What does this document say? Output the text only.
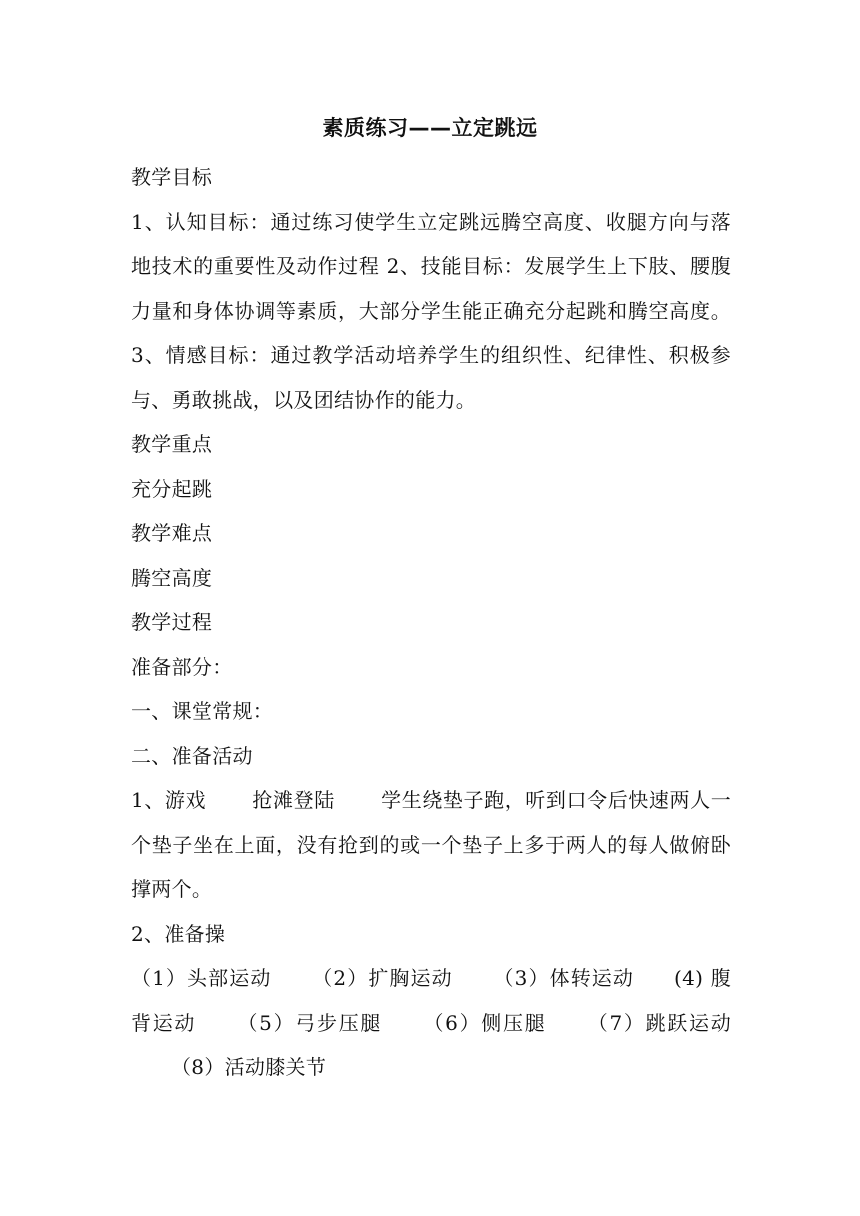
素质练习——立定跳远

教学目标

1、认知目标：通过练习使学生立定跳远腾空高度、收腿方向与落地技术的重要性及动作过程 2、技能目标：发展学生上下肢、腰腹力量和身体协调等素质，大部分学生能正确充分起跳和腾空高度。 3、情感目标：通过教学活动培养学生的组织性、纪律性、积极参与、勇敢挑战，以及团结协作的能力。

教学重点

充分起跳

教学难点

腾空高度

教学过程

准备部分：

一、课堂常规：

二、准备活动

1、游戏 抢滩登陆 学生绕垫子跑，听到口令后快速两人一个垫子坐在上面，没有抢到的或一个垫子上多于两人的每人做俯卧撑两个。

2、准备操

（1）头部运动 （2）扩胸运动 （3）体转运动 (4) 腹背运动 （5）弓步压腿 （6）侧压腿 （7）跳跃运动（8）活动膝关节
